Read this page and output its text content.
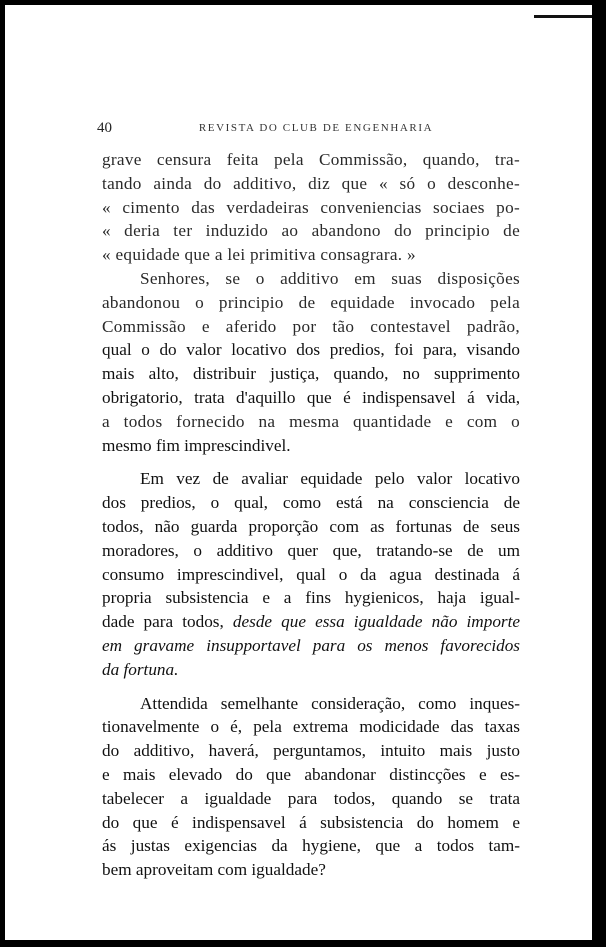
40	REVISTA DO CLUB DE ENGENHARIA
grave censura feita pela Commissão, quando, tra-
tando ainda do additivo, diz que « só o desconhe-
« cimento das verdadeiras conveniencias sociaes po-
« deria ter induzido ao abandono do principio de
« equidade que a lei primitiva consagrara. »
Senhores, se o additivo em suas disposições
abandonou o principio de equidade invocado pela
Commissão e aferido por tão contestavel padrão,
qual o do valor locativo dos predios, foi para, visando
mais alto, distribuir justiça, quando, no supprimento
obrigatorio, trata d'aquillo que é indispensavel á vida,
a todos fornecido na mesma quantidade e com o
mesmo fim imprescindivel.
Em vez de avaliar equidade pelo valor locativo
dos predios, o qual, como está na consciencia de
todos, não guarda proporção com as fortunas de seus
moradores, o additivo quer que, tratando-se de um
consumo imprescindivel, qual o da agua destinada á
propria subsistencia e a fins hygienicos, haja igual-
dade para todos, desde que essa igualdade não importe
em gravame insupportavel para os menos favorecidos
da fortuna.
Attendida semelhante consideração, como inques-
tionavelmente o é, pela extrema modicidade das taxas
do additivo, haverá, perguntamos, intuito mais justo
e mais elevado do que abandonar distincções e es-
tabelecer a igualdade para todos, quando se trata
do que é indispensavel á subsistencia do homem e
ás justas exigencias da hygiene, que a todos tam-
bem aproveitam com igualdade?
